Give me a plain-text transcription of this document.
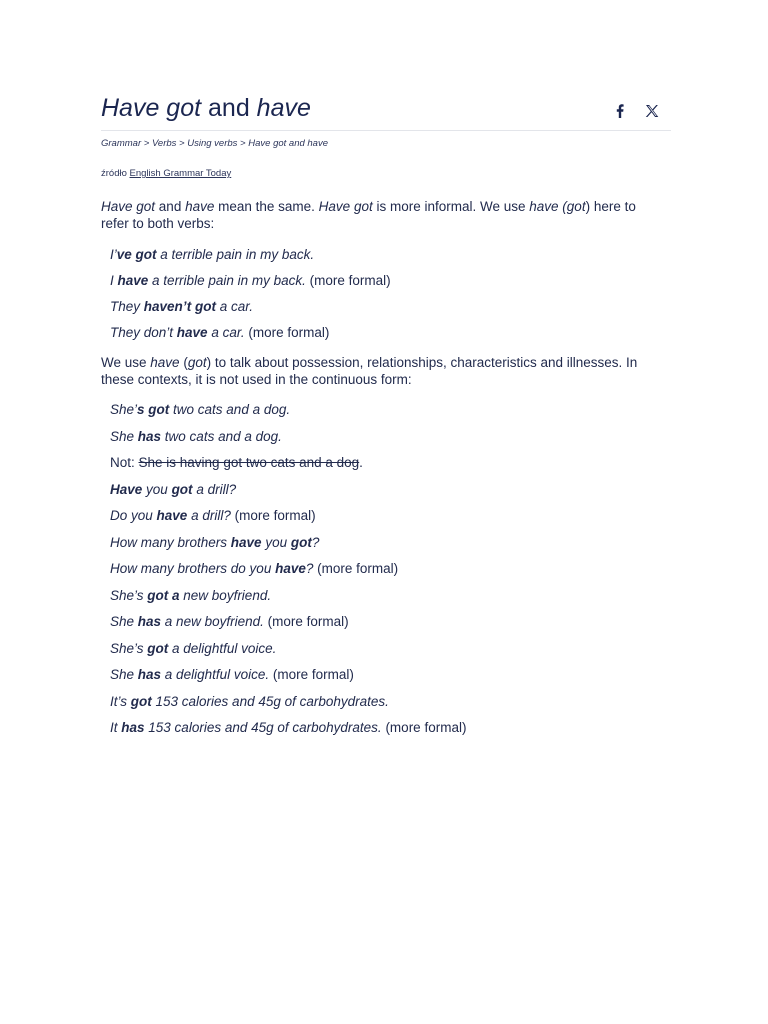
Have got and have
Grammar > Verbs > Using verbs > Have got and have
źródło English Grammar Today

Have got and have mean the same. Have got is more informal. We use have (got) here to refer to both verbs:

I’ve got a terrible pain in my back.
I have a terrible pain in my back. (more formal)
They haven’t got a car.
They don’t have a car. (more formal)

We use have (got) to talk about possession, relationships, characteristics and illnesses. In these contexts, it is not used in the continuous form:

She’s got two cats and a dog.
She has two cats and a dog.
Not: She is having got two cats and a dog.
Have you got a drill?
Do you have a drill? (more formal)
How many brothers have you got?
How many brothers do you have? (more formal)
She’s got a new boyfriend.
She has a new boyfriend. (more formal)
She’s got a delightful voice.
She has a delightful voice. (more formal)
It’s got 153 calories and 45g of carbohydrates.
It has 153 calories and 45g of carbohydrates. (more formal)
